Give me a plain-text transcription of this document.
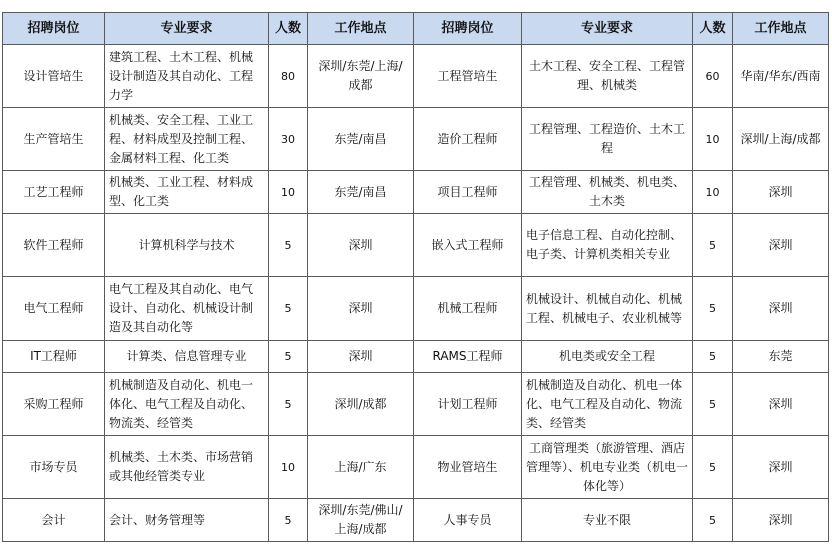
招聘岗位	专业要求	人数	工作地点	招聘岗位	专业要求	人数	工作地点
设计管培生	建筑工程、土木工程、机械设计制造及其自动化、工程力学	80	深圳/东莞/上海/成都	工程管培生	土木工程、安全工程、工程管理、机械类	60	华南/华东/西南
生产管培生	机械类、安全工程、工业工程、材料成型及控制工程、金属材料工程、化工类	30	东莞/南昌	造价工程师	工程管理、工程造价、土木工程	10	深圳/上海/成都
工艺工程师	机械类、工业工程、材料成型、化工类	10	东莞/南昌	项目工程师	工程管理、机械类、机电类、土木类	10	深圳
软件工程师	计算机科学与技术	5	深圳	嵌入式工程师	电子信息工程、自动化控制、电子类、计算机类相关专业	5	深圳
电气工程师	电气工程及其自动化、电气设计、自动化、机械设计制造及其自动化等	5	深圳	机械工程师	机械设计、机械自动化、机械工程、机械电子、农业机械等	5	深圳
IT工程师	计算类、信息管理专业	5	深圳	RAMS工程师	机电类或安全工程	5	东莞
采购工程师	机械制造及自动化、机电一体化、电气工程及自动化、物流类、经管类	5	深圳/成都	计划工程师	机械制造及自动化、机电一体化、电气工程及自动化、物流类、经管类	5	深圳
市场专员	机械类、土木类、市场营销或其他经管类专业	10	上海/广东	物业管培生	工商管理类（旅游管理、酒店管理等）、机电专业类（机电一体化等）	5	深圳
会计	会计、财务管理等	5	深圳/东莞/佛山/上海/成都	人事专员	专业不限	5	深圳
